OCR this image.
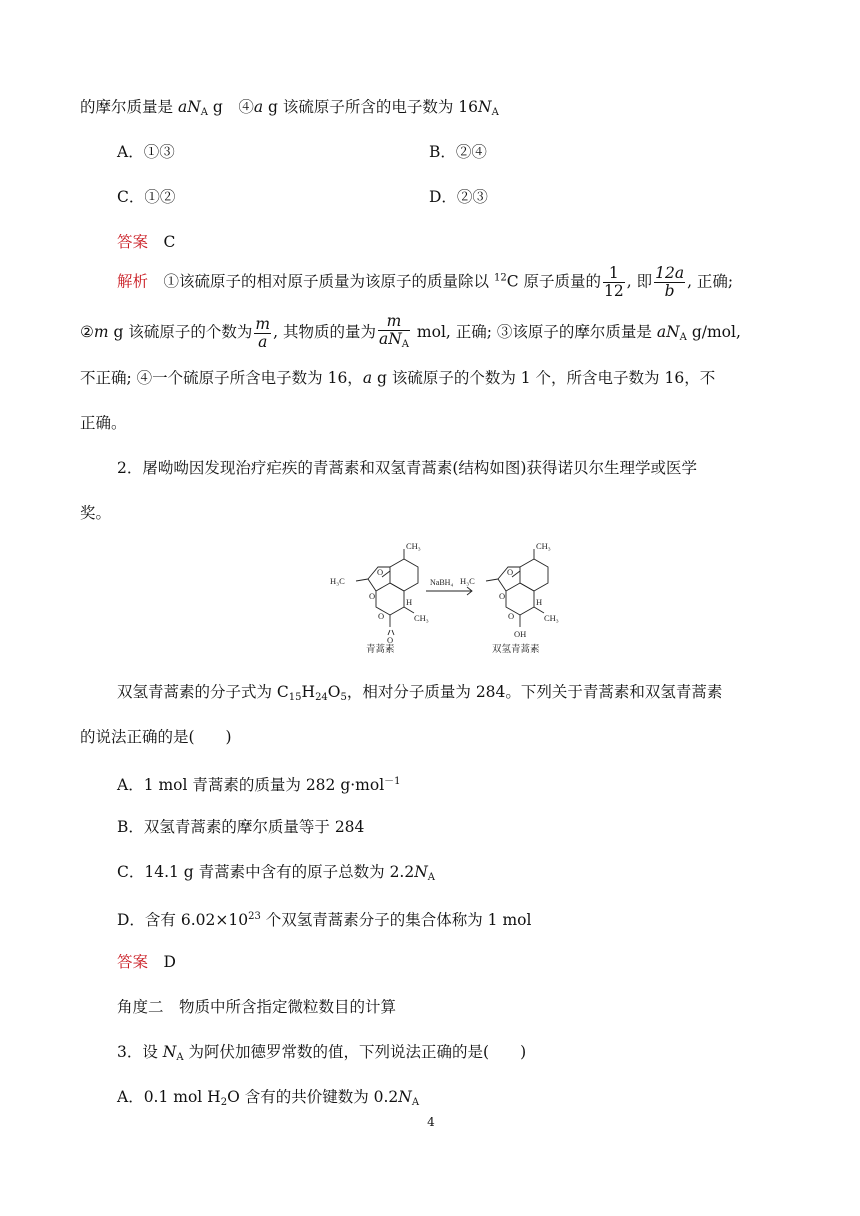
的摩尔质量是 $aN_A$ g　④a g 该硫原子所含的电子数为 $16N_A$
A．①③	B．②④
C．①②	D．②③
答案　 C
解析　 ①该硫原子的相对原子质量为该原子的质量除以 $^{12}$C 原子质量的 $\frac{1}{12}$ , 即 $\frac{12a}{b}$ , 正确;
②m g 该硫原子的个数为 $\frac{m}{a}$ , 其物质的量为 $\frac{m}{aN_A}$ mol, 正确; ③该原子的摩尔质量是 $aN_A$ g/mol,
不正确; ④一个硫原子所含电子数为 16，a g 该硫原子的个数为 1 个，所含电子数为 16，不
正确。
2．屠呦呦因发现治疗疟疾的青蒿素和双氢青蒿素(结构如图)获得诺贝尔生理学或医学
奖。
CH₃
H₃C
O
O
O
O
H
CH₃
CH₃
H₃C
O
O
O
OH
H
CH₃
NaBH₄
青蒿素	双氢青蒿素
双氢青蒿素的分子式为 $C_{15}H_{24}O_5$，相对分子质量为 284。下列关于青蒿素和双氢青蒿素
的说法正确的是(　　)
A．1 mol 青蒿素的质量为 282 g·mol$^{-1}$
B．双氢青蒿素的摩尔质量等于 284
C．14.1 g 青蒿素中含有的原子总数为 $2.2N_A$
D．含有 $6.02\times 10^{23}$ 个双氢青蒿素分子的集合体称为 1 mol
答案　 D
角度二　物质中所含指定微粒数目的计算
3．设 $N_A$ 为阿伏加德罗常数的值，下列说法正确的是(　　)
A．0.1 mol $H_2O$ 含有的共价键数为 $0.2N_A$
4
